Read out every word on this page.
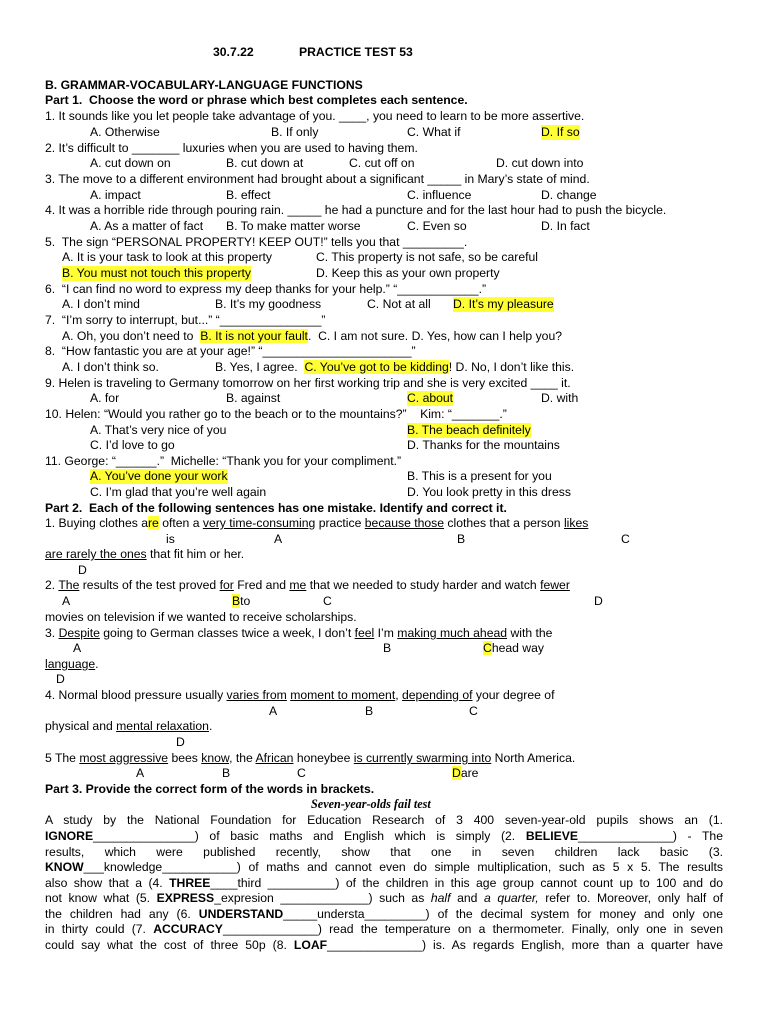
30.7.22	PRACTICE TEST 53
B. GRAMMAR-VOCABULARY-LANGUAGE FUNCTIONS
Part 1.  Choose the word or phrase which best completes each sentence.
1. It sounds like you let people take advantage of you. ____, you need to learn to be more assertive.
A. Otherwise	B. If only	C. What if	D. If so
2. It’s difficult to _______ luxuries when you are used to having them.
A. cut down on	B. cut down at	C. cut off on	D. cut down into
3. The move to a different environment had brought about a significant _____ in Mary’s state of mind.
A. impact	B. effect	C. influence	D. change
4. It was a horrible ride through pouring rain. _____ he had a puncture and for the last hour had to push the bicycle.
A. As a matter of fact B. To make matter worse	C. Even so	D. In fact
5.  The sign “PERSONAL PROPERTY! KEEP OUT!” tells you that _________.
A. It is your task to look at this property	C. This property is not safe, so be careful
B. You must not touch this property	D. Keep this as your own property
6.  “I can find no word to express my deep thanks for your help.” “____________.”
A. I don’t mind	B. It’s my goodness	C. Not at all D. It’s my pleasure
7.  “I’m sorry to interrupt, but...” “_______________”
A. Oh, you don’t need to B. It is not your fault.  C. I am not sure. D. Yes, how can I help you?
8.  “How fantastic you are at your age!” “______________________”
A. I don’t think so.	B. Yes, I agree. C. You’ve got to be kidding! D. No, I don’t like this.
9. Helen is traveling to Germany tomorrow on her first working trip and she is very excited ____ it.
A. for	B. against	C. about	D. with
10. Helen: “Would you rather go to the beach or to the mountains?”    Kim: “_______.”
A. That’s very nice of you	B. The beach definitely
C. I’d love to go	D. Thanks for the mountains
11. George: “______.”  Michelle: “Thank you for your compliment.”
A. You’ve done your work	B. This is a present for you
C. I’m glad that you’re well again	D. You look pretty in this dress
Part 2.  Each of the following sentences has one mistake. Identify and correct it.
1. Buying clothes are often a very time-consuming practice because those clothes that a person likes
is	A	B	C
are rarely the ones that fit him or her.
D
2. The results of the test proved for Fred and me that we needed to study harder and watch fewer
A	Bto	C	D
movies on television if we wanted to receive scholarships.
3. Despite going to German classes twice a week, I don’t feel I’m making much ahead with the
A	B	Chead way
language.
D
4. Normal blood pressure usually varies from moment to moment, depending of your degree of
A	B	C
physical and mental relaxation.
D
5 The most aggressive bees know, the African honeybee is currently swarming into North America.
A	B	C	Dare
Part 3. Provide the correct form of the words in brackets.
Seven-year-olds fail test
A study by the National Foundation for Education Research of 3 400 seven-year-old pupils shows an (1.
IGNORE_______________) of basic maths and English which is simply (2. BELIEVE______________) - The
results, which were published recently, show that one in seven children lack basic (3.
KNOW___knowledge___________) of maths and cannot even do simple multiplication, such as 5 x 5. The results
also show that a (4. THREE____third __________) of the children in this age group cannot count up to 100 and do
not know what (5. EXPRESS_expresion _____________) such as half and a quarter, refer to. Moreover, only half of
the children had any (6. UNDERSTAND_____understa_________) of the decimal system for money and only one
in thirty could (7. ACCURACY______________) read the temperature on a thermometer. Finally, only one in seven
could say what the cost of three 50p (8. LOAF______________) is. As regards English, more than a quarter have
